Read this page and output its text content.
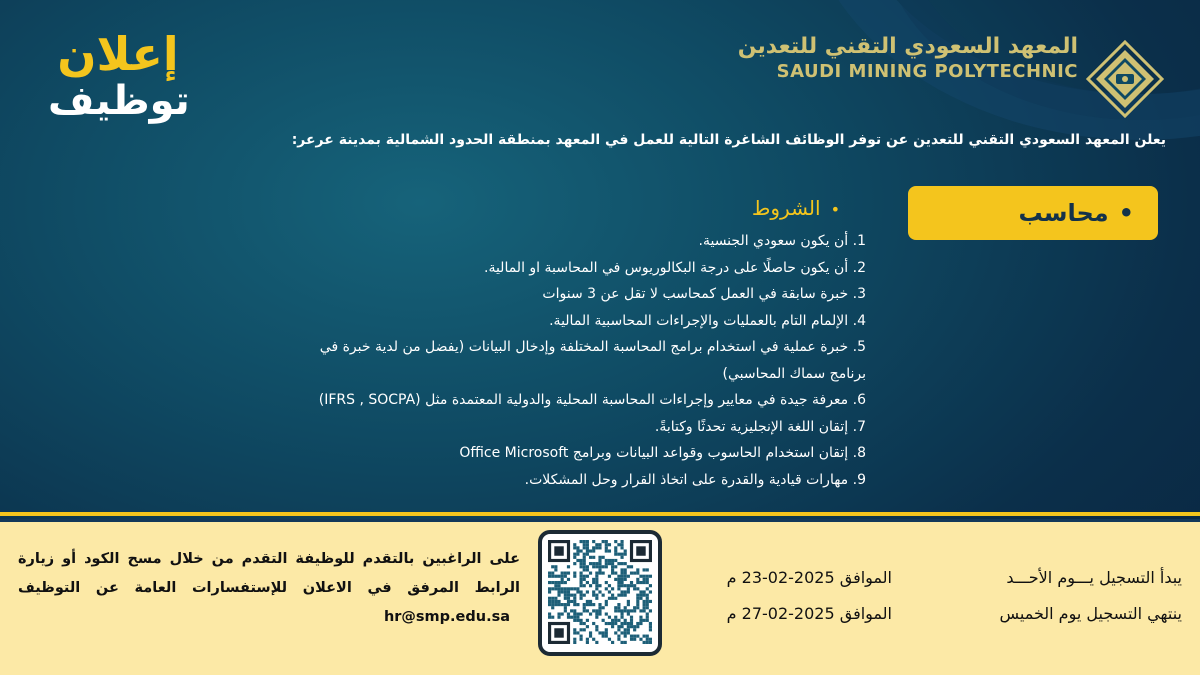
إعلان
توظيف
المعهد السعودي التقني للتعدين
SAUDI MINING POLYTECHNIC
يعلن المعهد السعودي التقني للتعدين عن توفر الوظائف الشاغرة التالية للعمل في المعهد بمنطقة الحدود الشمالية بمدينة عرعر:
• محاسب
• الشروط
1. أن يكون سعودي الجنسية.
2. أن يكون حاصلًا على درجة البكالوريوس في المحاسبة او المالية.
3. خبرة سابقة في العمل كمحاسب لا تقل عن 3 سنوات
4. الإلمام التام بالعمليات والإجراءات المحاسبية المالية.
5. خبرة عملية في استخدام برامج المحاسبة المختلفة وإدخال البيانات (يفضل من لدية خبرة في
برنامج سماك المحاسبي)
6. معرفة جيدة في معايير وإجراءات المحاسبة المحلية والدولية المعتمدة مثل (IFRS , SOCPA)
7. إتقان اللغة الإنجليزية تحدثًا وكتابةً.
8. إتقان استخدام الحاسوب وقواعد البيانات وبرامج Office Microsoft
9. مهارات قيادية والقدرة على اتخاذ القرار وحل المشكلات.
على الراغبين بالتقدم للوظيفة التقدم من خلال مسح الكود أو زيارة الرابط المرفق في الاعلان للإستفسارات العامة عن التوظيفhr@smp.edu.sa
الموافق 2025-02-23 م
الموافق 2025-02-27 م
يبدأ التسجيل يـــوم الأحـــد
ينتهي التسجيل يوم الخميس
